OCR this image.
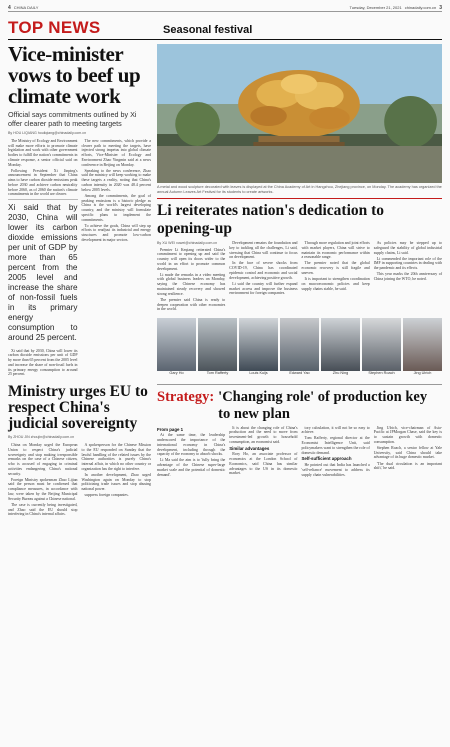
4 CHINA DAILY	Tuesday, December 21, 2021 chinadaily.com.cn 3
TOP NEWS	Seasonal festival
Vice-minister vows to beef up climate work
Official says commitments outlined by Xi offer clearer path to meeting targets
By HOU LIQIANG houliqiang@chinadaily.com.cn

The Ministry of Ecology and Environment will make more efforts to promote climate legislation and work with other government bodies to fulfill the nation's commitments in climate response, a senior official said on Monday.

Following President Xi Jinping's announcement in September that China aims to have carbon dioxide emissions peak before 2030 and achieve carbon neutrality before 2060, as of 2060 the nation's climate commitments in the world are clearer.

Xi said that by 2030, China will lower its carbon dioxide emissions per unit of GDP by more than 65 percent from the 2005 level and increase the share of non-fossil fuels in its primary energy consumption to around 25 percent.

Xi said that by 2030, China will lower its carbon dioxide emissions per unit of GDP by more than 65 percent from the 2005 level and increase the share of non-fossil fuels in its primary energy consumption to around 25 percent.

The new commitments, which provide a clearer path to meeting the targets, have injected strong impetus into global climate efforts, Vice-Minister of Ecology and Environment Zhao Yingmin said at a news conference in Beijing on Monday.

Speaking to the news conference, Zhao said the ministry will keep working to make these targets a reality, noting that China's carbon intensity in 2020 was 48.4 percent below 2005 levels.

Among the commitments, the goal of peaking emissions is a historic pledge as China is the world's largest developing country, and the ministry will formulate specific plans to implement the commitments.

To achieve the goals, China will step up efforts to readjust its industrial and energy structures and promote low-carbon development in major sectors.

Ministry urges EU to respect China's judicial sovereignty
By ZHOU JIN zhoujin@chinadaily.com.cn

China on Monday urged the European Union to respect China's judicial sovereignty and stop making irresponsible remarks on the case of a Chinese citizen, who is accused of engaging in criminal activities endangering China's national security.

Foreign Ministry spokesman Zhao Lijian said the person must be confirmed that compliance measures, in accordance with law, were taken by the Beijing Municipal Security Bureau against a Chinese national.

The case is currently being investigated, and Zhao said the EU should stop interfering in China's internal affairs.

A spokesperson for the Chinese Mission to the EU responded on Sunday that the lawful handling of the related issues by the Chinese authorities is purely China's internal affair, in which no other country or organization has the right to interfere.

In another development, Zhao urged Washington again on Monday to stop politicizing trade issues and stop abusing national power.

suppress foreign companies.

A metal and wood sculpture decorated with leaves is displayed at the China Academy of Art in Hangzhou, Zhejiang province, on Monday. The academy has organized the annual Autumn Leaves Art Festival for its students to create artworks.
Li reiterates nation's dedication to opening-up
By XU WEI xuwei@chinadaily.com.cn

Premier Li Keqiang reiterated China's commitment to opening up and said the country will open its doors wider to the world in an effort to promote common development.

Li made the remarks in a video meeting with global business leaders on Monday, saying the Chinese economy has maintained steady recovery and showed strong resilience.

The premier said China is ready to deepen cooperation with other economies in the world.

Development remains the foundation and key to tackling all the challenges, Li said, stressing that China will continue to focus on development.

In the face of severe shocks from COVID-19, China has coordinated epidemic control and economic and social development, achieving positive growth.

Li said the country will further expand market access and improve the business environment for foreign companies.

Through more regulation and joint efforts with market players, China will strive to maintain its economic performance within a reasonable range.

The premier noted that the global economic recovery is still fragile and uneven.

It is important to strengthen coordination on macroeconomic policies and keep supply chains stable, he said.

As policies may be stepped up to safeguard the stability of global industrial supply chains, Li said.

Li commended the important role of the IMF in supporting countries in dealing with the pandemic and its effects.

This year marks the 20th anniversary of China joining the WTO, he noted.

Gary Ho	Tom Rafferty	Louis Kuijs	Edward Yao	Zhu Ning	Stephen Roach	Jing Ulrich
Strategy:
'Changing role' of production key to new plan
From page 1

At the same time, the leadership underscored the importance of the international economy in China's development, including through the capacity of the economy to absorb shocks.

Li Ma said the aim is to 'fully bring the advantage of the Chinese super-large market scale and the potential of domestic demand'.

It is about the changing role of China's production and the need to move from investment-led growth to household consumption, an economist said.

Similar advantages

Rory Ho, an associate professor of economics at the London School of Economics, said China has similar advantages to the US in its domestic market.

tory calculation, it will not be so easy to achieve.

Tom Rafferty, regional director at the Economist Intelligence Unit, said policymakers want to strengthen the role of domestic demand.

Self-sufficient approach

He pointed out that India has launched a 'self-reliance' movement to address its supply chain vulnerabilities.

Jing Ulrich, vice-chairman of Asia-Pacific at JPMorgan Chase, said the key is to sustain growth with domestic consumption.

Stephen Roach, a senior fellow at Yale University, said China should take advantage of its huge domestic market.

'The dual circulation is an important shift,' he said.
